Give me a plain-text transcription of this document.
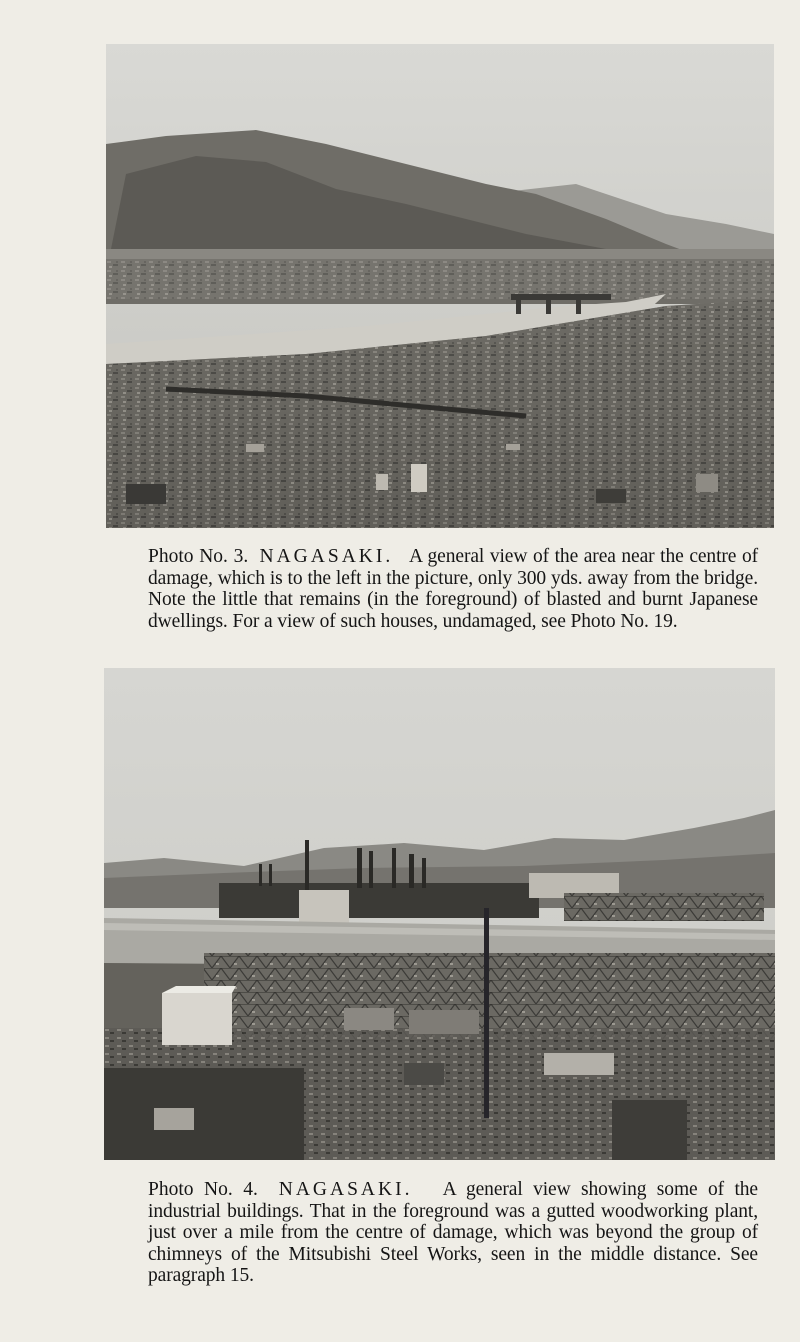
Photo No. 3. NAGASAKI. A general view of the area near the centre of damage, which is to the left in the picture, only 300 yds. away from the bridge. Note the little that remains (in the foreground) of blasted and burnt Japanese dwellings. For a view of such houses, undamaged, see Photo No. 19.

Photo No. 4. NAGASAKI. A general view showing some of the industrial buildings. That in the foreground was a gutted woodworking plant, just over a mile from the centre of damage, which was beyond the group of chimneys of the Mitsubishi Steel Works, seen in the middle distance. See paragraph 15.
